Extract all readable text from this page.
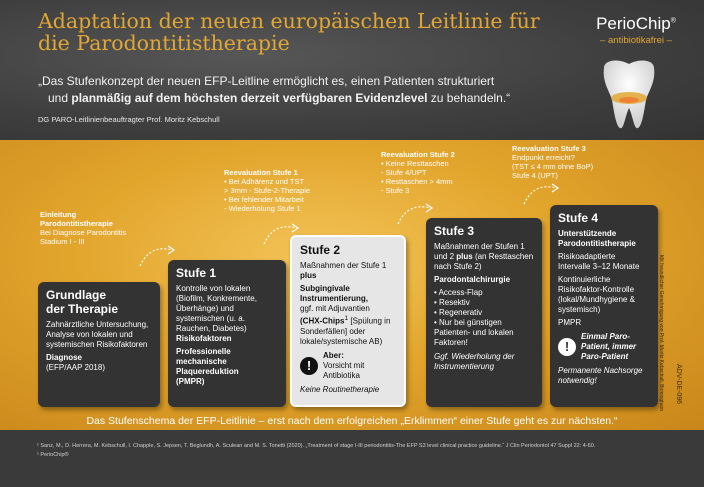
Adaptation der neuen europäischen Leitlinie für die Parodontitistherapie
„Das Stufenkonzept der neuen EFP-Leitline ermöglicht es, einen Patienten strukturiert
und planmäßig auf dem höchsten derzeit verfügbaren Evidenzlevel zu behandeln.“
DG PARO-Leitlinienbeauftragter Prof. Moritz Kebschull
PerioChip®
– antibiotikafrei –
Einleitung Parodontitistherapie
Bei Diagnose Parodontitis Stadium I - III
Reevaluation Stufe 1
• Bei Adhärenz und TST
> 3mm - Stufe-2-Therapie
• Bei fehlender Mitarbeit
- Wiederholung Stufe 1
Reevaluation Stufe 2
• Keine Resttaschen
- Stufe 4/UPT
• Resttaschen > 4mm
- Stufe 3
Reevaluation Stufe 3
Endpunkt erreicht?
(TST ≤ 4 mm ohne BoP)
Stufe 4 (UPT)
Grundlage
der Therapie

Zahnärztliche Untersuchung, Analyse von lokalen und systemischen Risikofaktoren

Diagnose
(EFP/AAP 2018)
Stufe 1

Kontrolle von lokalen (Biofilm, Konkremente, Überhänge) und systemischen (u. a. Rauchen, Diabetes) Risikofaktoren

Professionelle mechanische Plaquereduktion
(PMPR)
Stufe 2

Maßnahmen der Stufe 1 plus

Subgingivale Instrumentierung,
ggf. mit Adjuvantien
(CHX-Chips$^1$ [Spülung in Sonderfällen] oder lokale/systemische AB)
!
Aber:
Vorsicht mit Antibiotika
Keine Routinetherapie
Stufe 3

Maßnahmen der Stufen 1 und 2 plus (an Resttaschen nach Stufe 2)

Parodontalchirurgie
• Access-Flap
• Resektiv
• Regenerativ
• Nur bei günstigen Patienten- und lokalen Faktoren!
Ggf. Wiederholung der Instrumentierung
Stufe 4
Unterstützende Parodontitistherapie

Risikoadaptierte Intervalle 3–12 Monate

Kontinuierliche Risikofaktor-Kontrolle (lokal/Mundhygiene & systemisch)

PMPR
!
Einmal Paro-Patient, immer Paro-Patient
Permanente Nachsorge notwendig!	Mit freundlicher Genehmigung von Prof. Moritz Kebschull, Birmingham ADV-DE-096
Das Stufenschema der EFP-Leitlinie – erst nach dem erfolgreichen „Erklimmen“ einer Stufe geht es zur nächsten.“
¹ Sanz, M., D. Herrera, M. Kebschull, I. Chapple, S. Jepsen, T. Beglundh, A. Sculean and M. S. Tonetti (2020). „Treatment of stage I-III periodontitis-The EFP S3 level clinical practice guideline.“ J Clin Periodontol 47 Suppl 22: 4-60.
¹ PerioChip®
